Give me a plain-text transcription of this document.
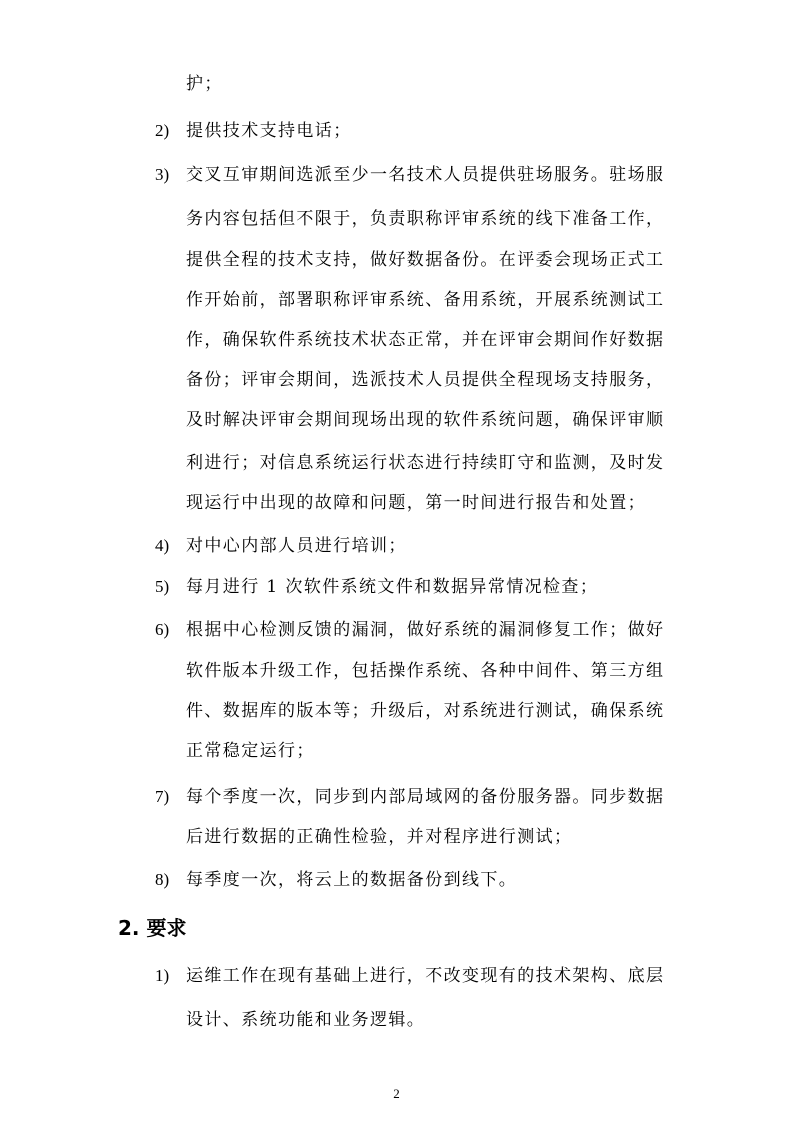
护；
2) 提供技术支持电话；
3) 交叉互审期间选派至少一名技术人员提供驻场服务。驻场服
务内容包括但不限于，负责职称评审系统的线下准备工作，
提供全程的技术支持，做好数据备份。在评委会现场正式工
作开始前，部署职称评审系统、备用系统，开展系统测试工
作，确保软件系统技术状态正常，并在评审会期间作好数据
备份；评审会期间，选派技术人员提供全程现场支持服务，
及时解决评审会期间现场出现的软件系统问题，确保评审顺
利进行；对信息系统运行状态进行持续盯守和监测，及时发
现运行中出现的故障和问题，第一时间进行报告和处置；
4) 对中心内部人员进行培训；
5) 每月进行 1 次软件系统文件和数据异常情况检查；
6) 根据中心检测反馈的漏洞，做好系统的漏洞修复工作；做好
软件版本升级工作，包括操作系统、各种中间件、第三方组
件、数据库的版本等；升级后，对系统进行测试，确保系统
正常稳定运行；
7) 每个季度一次，同步到内部局域网的备份服务器。同步数据
后进行数据的正确性检验，并对程序进行测试；
8) 每季度一次，将云上的数据备份到线下。
2. 要求
1) 运维工作在现有基础上进行，不改变现有的技术架构、底层
设计、系统功能和业务逻辑。
2
